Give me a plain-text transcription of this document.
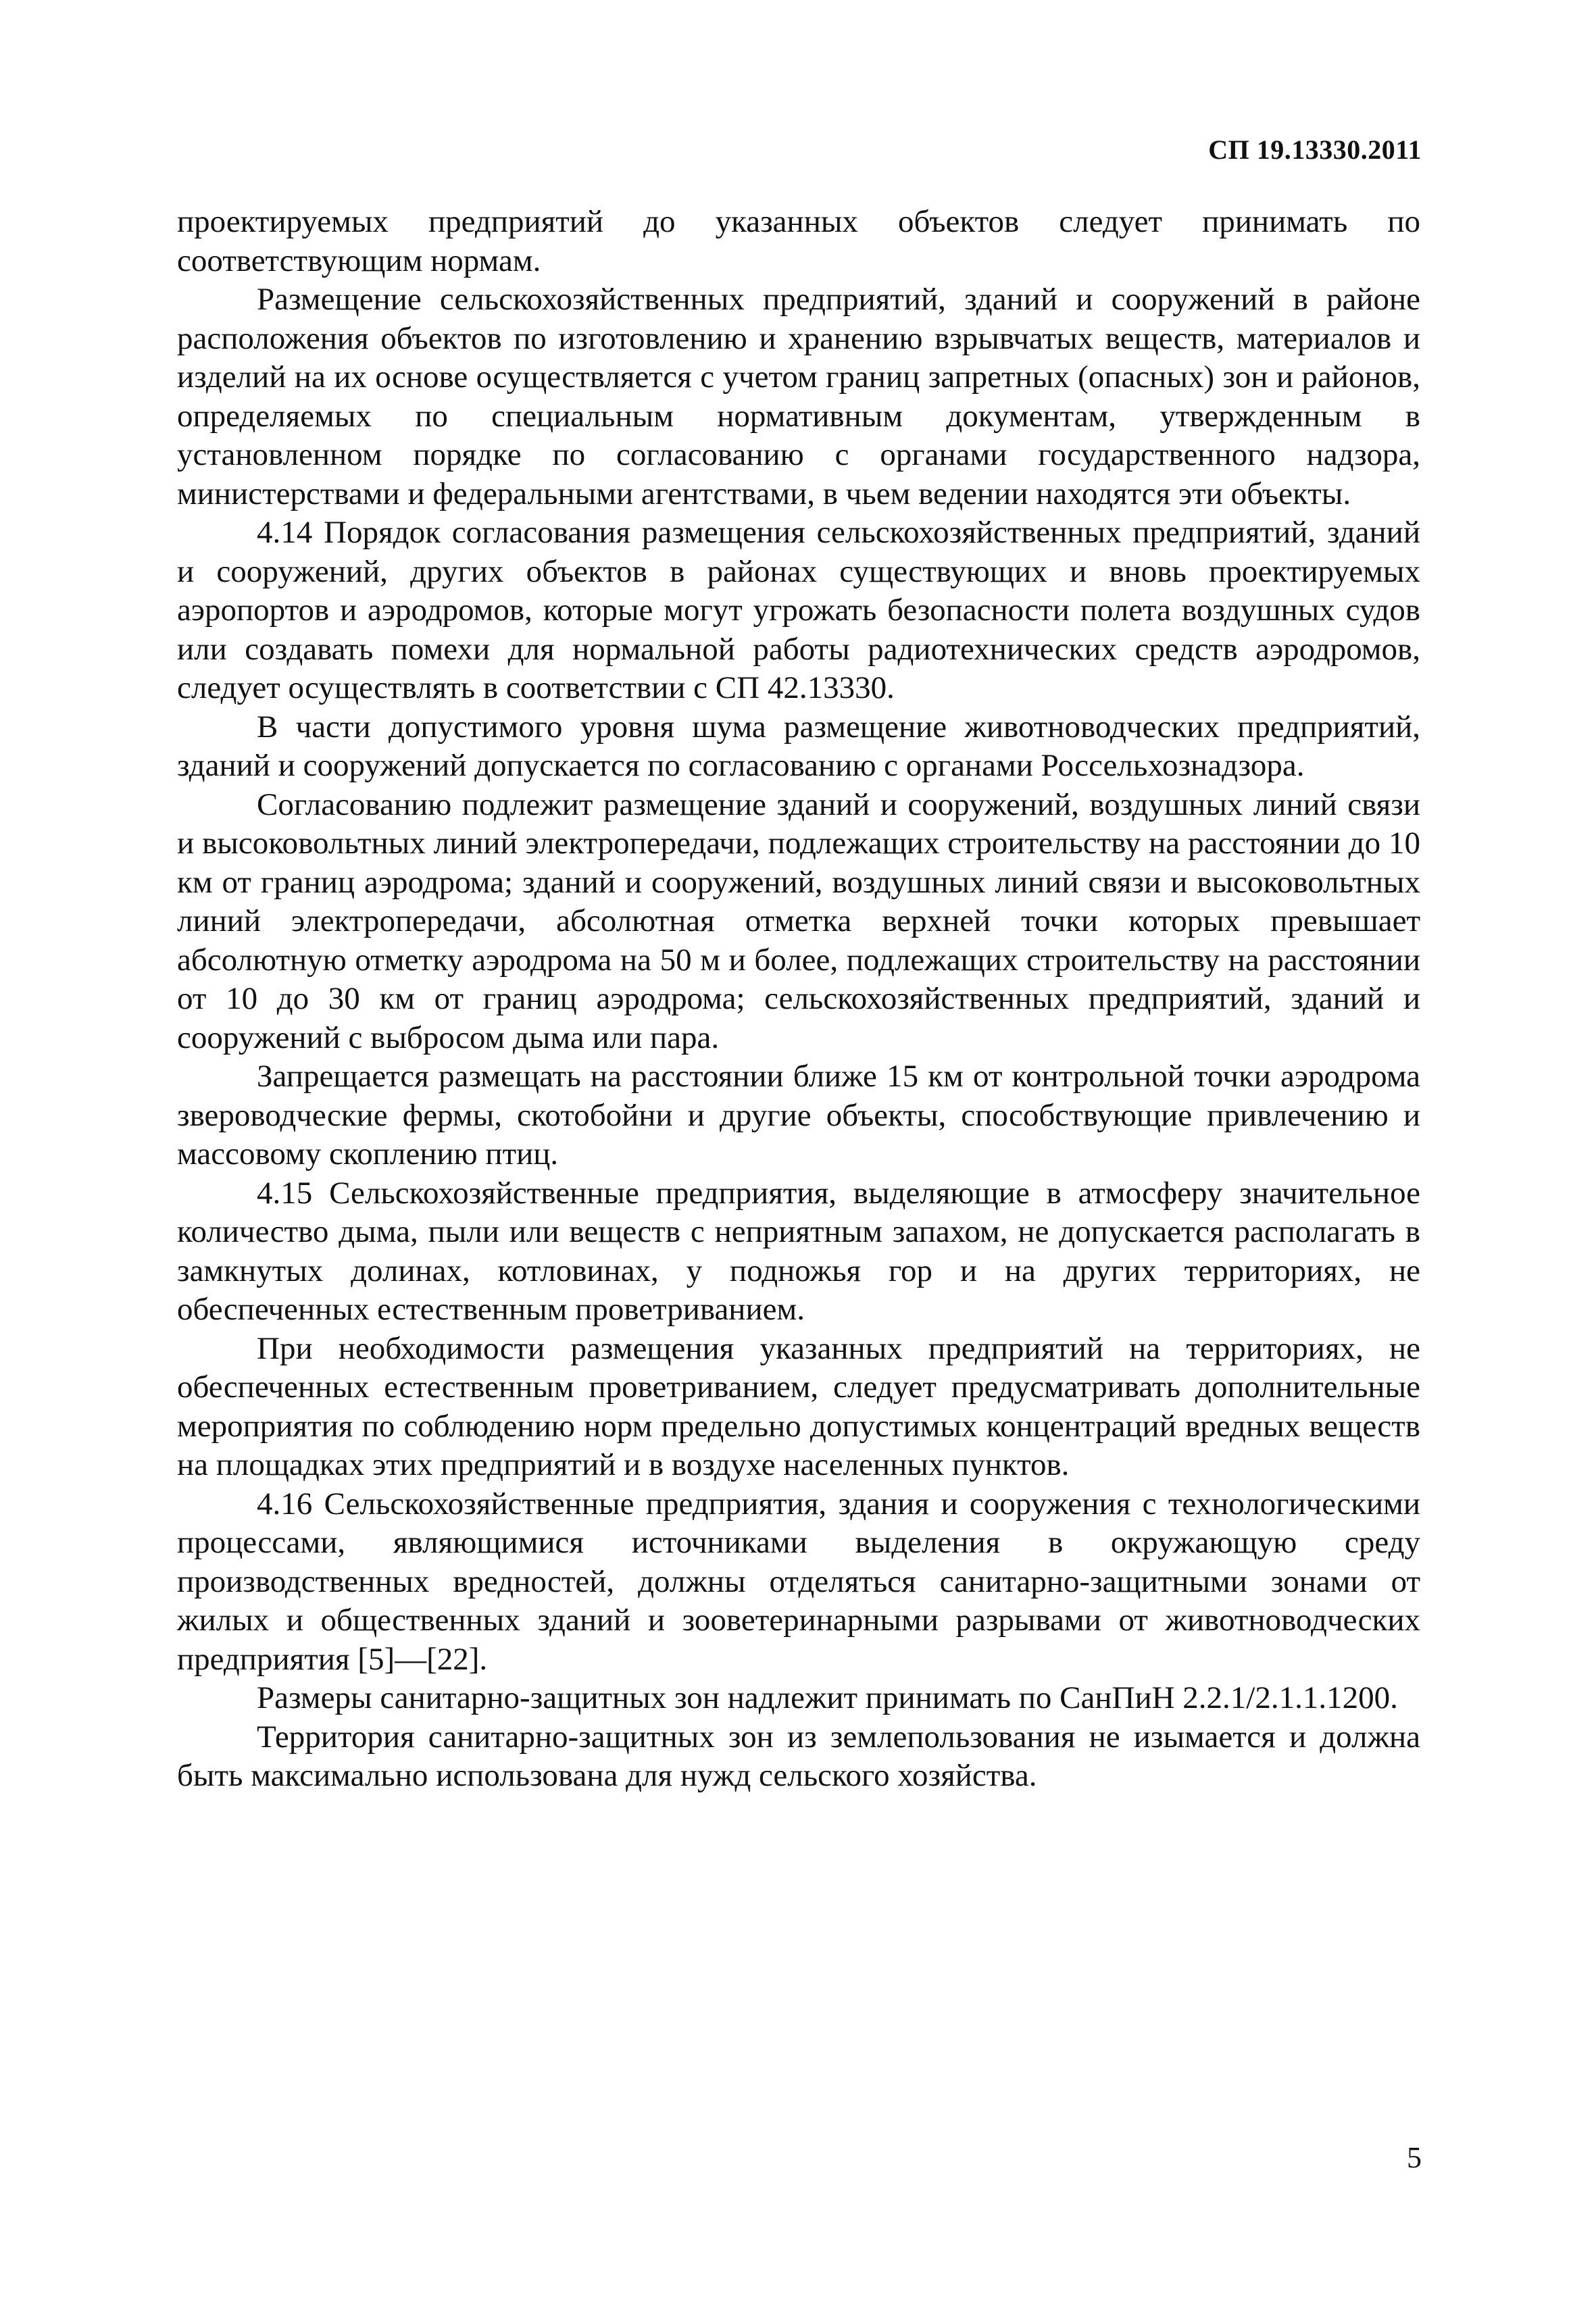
СП 19.13330.2011

проектируемых предприятий до указанных объектов следует принимать по соответствующим нормам.

Размещение сельскохозяйственных предприятий, зданий и сооружений в районе расположения объектов по изготовлению и хранению взрывчатых веществ, материалов и изделий на их основе осуществляется с учетом границ запретных (опасных) зон и районов, определяемых по специальным нормативным документам, утвержденным в установленном порядке по согласованию с органами государственного надзора, министерствами и федеральными агентствами, в чьем ведении находятся эти объекты.

4.14 Порядок согласования размещения сельскохозяйственных предприятий, зданий и сооружений, других объектов в районах существующих и вновь проектируемых аэропортов и аэродромов, которые могут угрожать безопасности полета воздушных судов или создавать помехи для нормальной работы радиотехнических средств аэродромов, следует осуществлять в соответствии с СП 42.13330.

В части допустимого уровня шума размещение животноводческих предприятий, зданий и сооружений допускается по согласованию с органами Россельхознадзора.

Согласованию подлежит размещение зданий и сооружений, воздушных линий связи и высоковольтных линий электропередачи, подлежащих строительству на расстоянии до 10 км от границ аэродрома; зданий и сооружений, воздушных линий связи и высоковольтных линий электропередачи, абсолютная отметка верхней точки которых превышает абсолютную отметку аэродрома на 50 м и более, подлежащих строительству на расстоянии от 10 до 30 км от границ аэродрома; сельскохозяйственных предприятий, зданий и сооружений с выбросом дыма или пара.

Запрещается размещать на расстоянии ближе 15 км от контрольной точки аэродрома звероводческие фермы, скотобойни и другие объекты, способствующие привлечению и массовому скоплению птиц.

4.15 Сельскохозяйственные предприятия, выделяющие в атмосферу значительное количество дыма, пыли или веществ с неприятным запахом, не допускается располагать в замкнутых долинах, котловинах, у подножья гор и на других территориях, не обеспеченных естественным проветриванием.

При необходимости размещения указанных предприятий на территориях, не обеспеченных естественным проветриванием, следует предусматривать дополнительные мероприятия по соблюдению норм предельно допустимых концентраций вредных веществ на площадках этих предприятий и в воздухе населенных пунктов.

4.16 Сельскохозяйственные предприятия, здания и сооружения с технологическими процессами, являющимися источниками выделения в окружающую среду производственных вредностей, должны отделяться санитарно-защитными зонами от жилых и общественных зданий и зооветеринарными разрывами от животноводческих предприятия [5]—[22].

Размеры санитарно-защитных зон надлежит принимать по СанПиН 2.2.1/2.1.1.1200.

Территория санитарно-защитных зон из землепользования не изымается и должна быть максимально использована для нужд сельского хозяйства.

5
